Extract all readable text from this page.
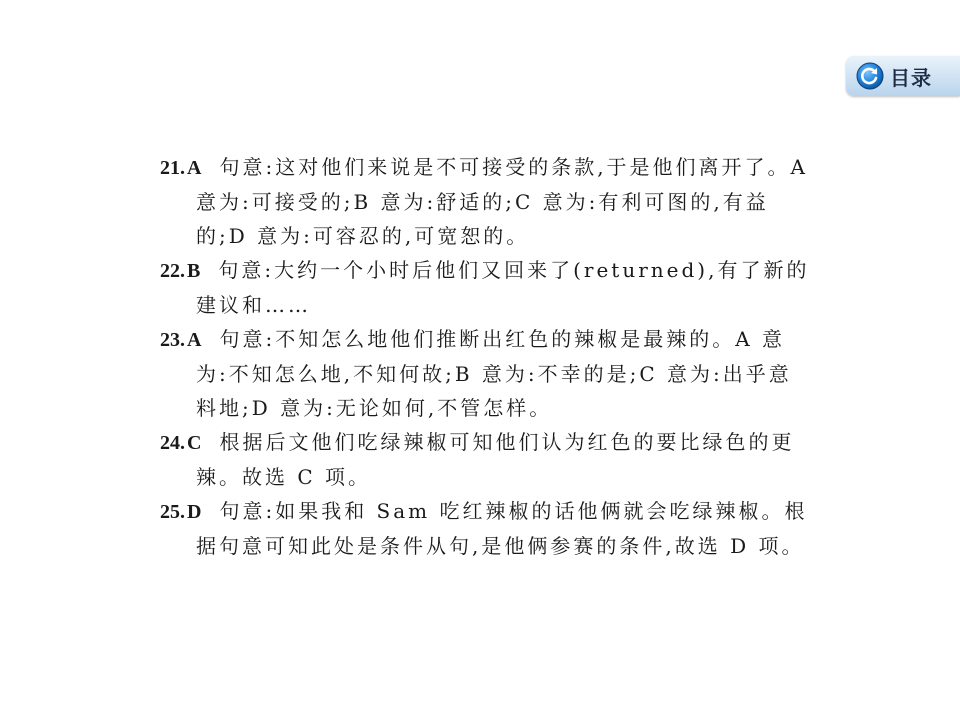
目录

21. A 句意:这对他们来说是不可接受的条款,于是他们离开了。A 意为:可接受的;B 意为:舒适的;C 意为:有利可图的,有益的;D 意为:可容忍的,可宽恕的。

22. B 句意:大约一个小时后他们又回来了(returned),有了新的建议和……

23. A 句意:不知怎么地他们推断出红色的辣椒是最辣的。A 意为:不知怎么地,不知何故;B 意为:不幸的是;C 意为:出乎意料地;D 意为:无论如何,不管怎样。

24. C 根据后文他们吃绿辣椒可知他们认为红色的要比绿色的更辣。故选 C 项。

25. D 句意:如果我和 Sam 吃红辣椒的话他俩就会吃绿辣椒。根据句意可知此处是条件从句,是他俩参赛的条件,故选 D 项。
